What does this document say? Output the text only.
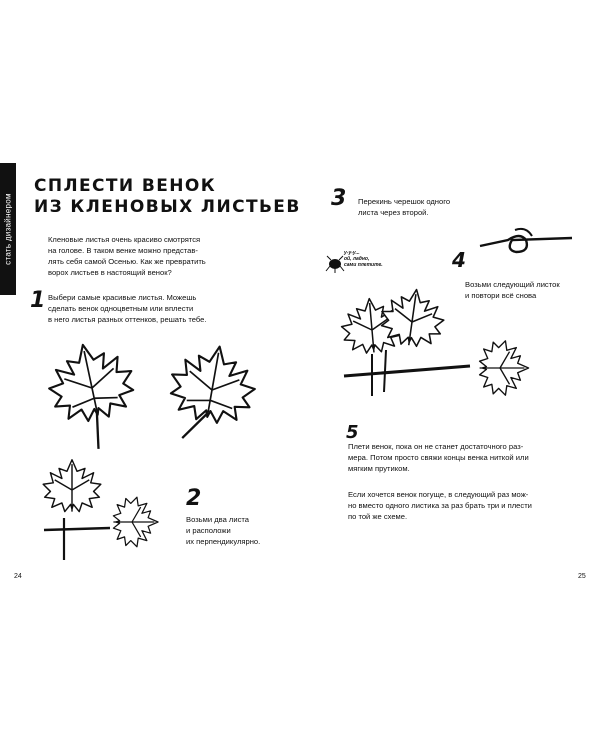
стать дизайнером
СПЛЕСТИ ВЕНОК
ИЗ КЛЕНОВЫХ ЛИСТЬЕВ
Кленовые листья очень красиво смотрятся
на голове. В таком венке можно представ-
лять себя самой Осенью. Как же превратить
ворох листьев в настоящий венок?
1 Выбери самые красивые листья. Можешь
сделать венок одноцветным или вплести
в него листья разных оттенков, решать тебе.
2
Возьми два листа
и расположи
их перпендикулярно.
3 Перекинь черешок одного
листа через второй.
4
Возьми следующий листок
и повтори всё снова
5
Плети венок, пока он не станет достаточного раз-
мера. Потом просто свяжи концы венка ниткой или
мягким прутиком.
Если хочется венок погуще, в следующий раз мож-
но вместо одного листика за раз брать три и плести
по той же схеме.
у-у-у...
ой, ладно,
сами плетите.
24	25
